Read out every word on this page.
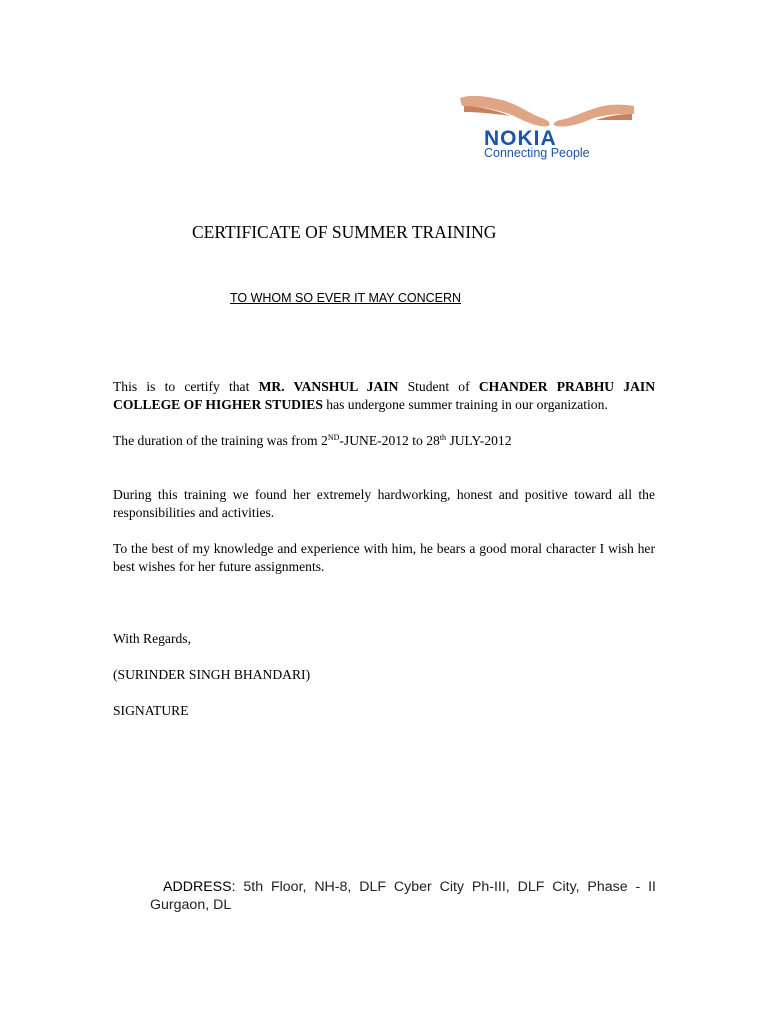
NOKIA
Connecting People
CERTIFICATE OF SUMMER TRAINING
TO WHOM SO EVER IT MAY CONCERN
This is to certify that MR. VANSHUL JAIN Student of CHANDER PRABHU JAIN COLLEGE OF HIGHER STUDIES has undergone summer training in our organization.
The duration of the training was from 2ND-JUNE-2012 to 28th JULY-2012
During this training we found her extremely hardworking, honest and positive toward all the responsibilities and activities.
To the best of my knowledge and experience with him, he bears a good moral character I wish her best wishes for her future assignments.
With Regards,
(SURINDER SINGH BHANDARI)
SIGNATURE
ADDRESS: 5th Floor, NH-8, DLF Cyber City Ph-III, DLF City, Phase - II Gurgaon, DL
